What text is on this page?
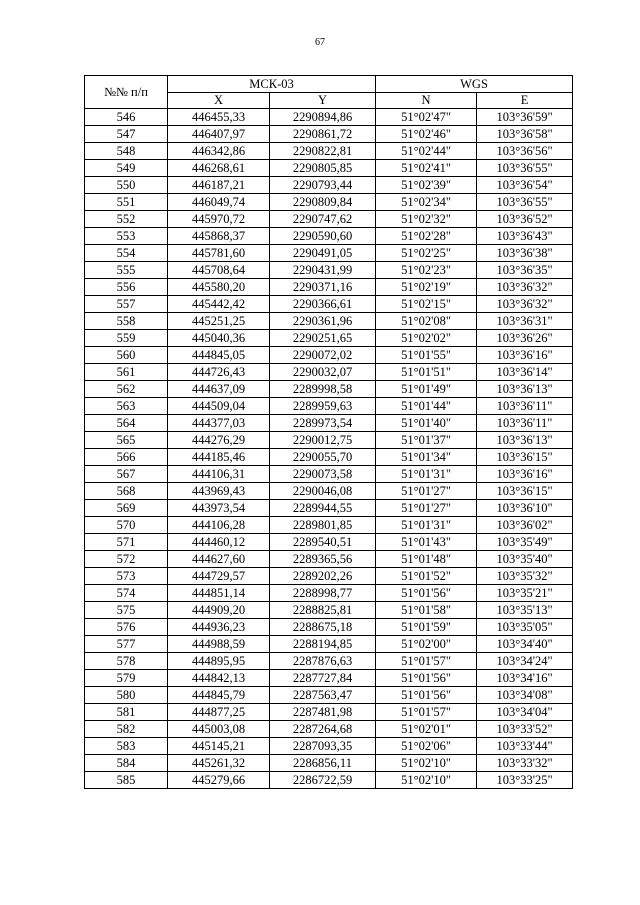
67
№№ п/п	МСК-03		WGS	
	X	Y	N	E
546	446455,33	2290894,86	51°02'47"	103°36'59"
547	446407,97	2290861,72	51°02'46"	103°36'58"
548	446342,86	2290822,81	51°02'44"	103°36'56"
549	446268,61	2290805,85	51°02'41"	103°36'55"
550	446187,21	2290793,44	51°02'39"	103°36'54"
551	446049,74	2290809,84	51°02'34"	103°36'55"
552	445970,72	2290747,62	51°02'32"	103°36'52"
553	445868,37	2290590,60	51°02'28"	103°36'43"
554	445781,60	2290491,05	51°02'25"	103°36'38"
555	445708,64	2290431,99	51°02'23"	103°36'35"
556	445580,20	2290371,16	51°02'19"	103°36'32"
557	445442,42	2290366,61	51°02'15"	103°36'32"
558	445251,25	2290361,96	51°02'08"	103°36'31"
559	445040,36	2290251,65	51°02'02"	103°36'26"
560	444845,05	2290072,02	51°01'55"	103°36'16"
561	444726,43	2290032,07	51°01'51"	103°36'14"
562	444637,09	2289998,58	51°01'49"	103°36'13"
563	444509,04	2289959,63	51°01'44"	103°36'11"
564	444377,03	2289973,54	51°01'40"	103°36'11"
565	444276,29	2290012,75	51°01'37"	103°36'13"
566	444185,46	2290055,70	51°01'34"	103°36'15"
567	444106,31	2290073,58	51°01'31"	103°36'16"
568	443969,43	2290046,08	51°01'27"	103°36'15"
569	443973,54	2289944,55	51°01'27"	103°36'10"
570	444106,28	2289801,85	51°01'31"	103°36'02"
571	444460,12	2289540,51	51°01'43"	103°35'49"
572	444627,60	2289365,56	51°01'48"	103°35'40"
573	444729,57	2289202,26	51°01'52"	103°35'32"
574	444851,14	2288998,77	51°01'56"	103°35'21"
575	444909,20	2288825,81	51°01'58"	103°35'13"
576	444936,23	2288675,18	51°01'59"	103°35'05"
577	444988,59	2288194,85	51°02'00"	103°34'40"
578	444895,95	2287876,63	51°01'57"	103°34'24"
579	444842,13	2287727,84	51°01'56"	103°34'16"
580	444845,79	2287563,47	51°01'56"	103°34'08"
581	444877,25	2287481,98	51°01'57"	103°34'04"
582	445003,08	2287264,68	51°02'01"	103°33'52"
583	445145,21	2287093,35	51°02'06"	103°33'44"
584	445261,32	2286856,11	51°02'10"	103°33'32"
585	445279,66	2286722,59	51°02'10"	103°33'25"
